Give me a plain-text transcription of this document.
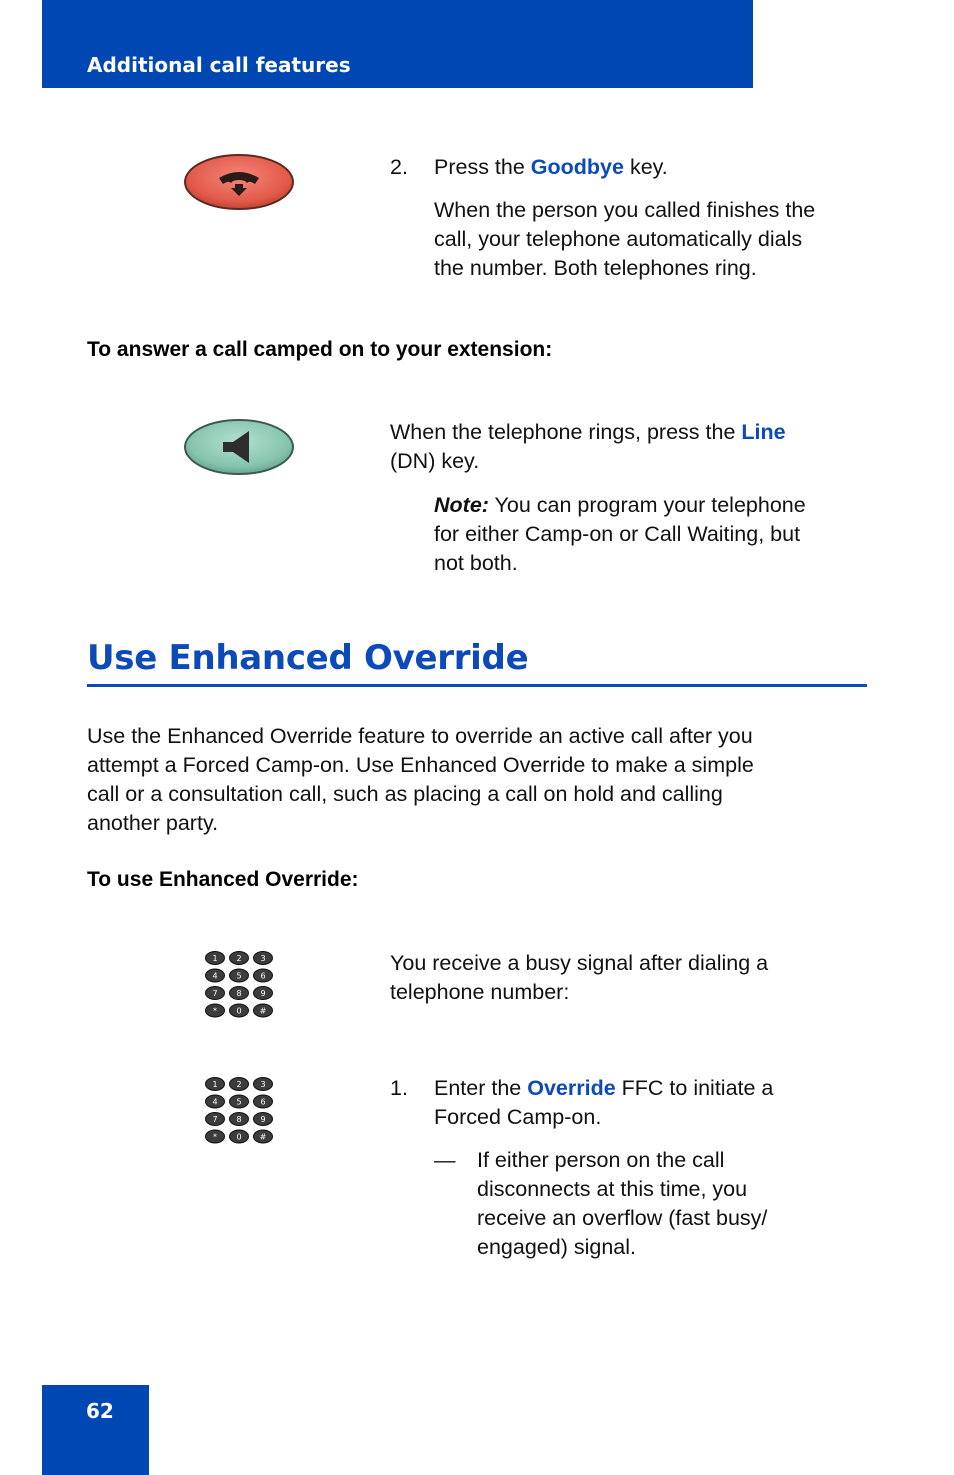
Additional call features
2. Press the Goodbye key.
When the person you called finishes the
call, your telephone automatically dials
the number. Both telephones ring.
To answer a call camped on to your extension:
When the telephone rings, press the Line
(DN) key.
Note: You can program your telephone
for either Camp-on or Call Waiting, but
not both.
Use Enhanced Override
Use the Enhanced Override feature to override an active call after you
attempt a Forced Camp-on. Use Enhanced Override to make a simple
call or a consultation call, such as placing a call on hold and calling
another party.
To use Enhanced Override:
1 2 3
4 5 6
7 8 9
* 0 #
You receive a busy signal after dialing a
telephone number:
1 2 3
4 5 6
7 8 9
* 0 #
1. Enter the Override FFC to initiate a
Forced Camp-on.
— If either person on the call
disconnects at this time, you
receive an overflow (fast busy/
engaged) signal.
62
